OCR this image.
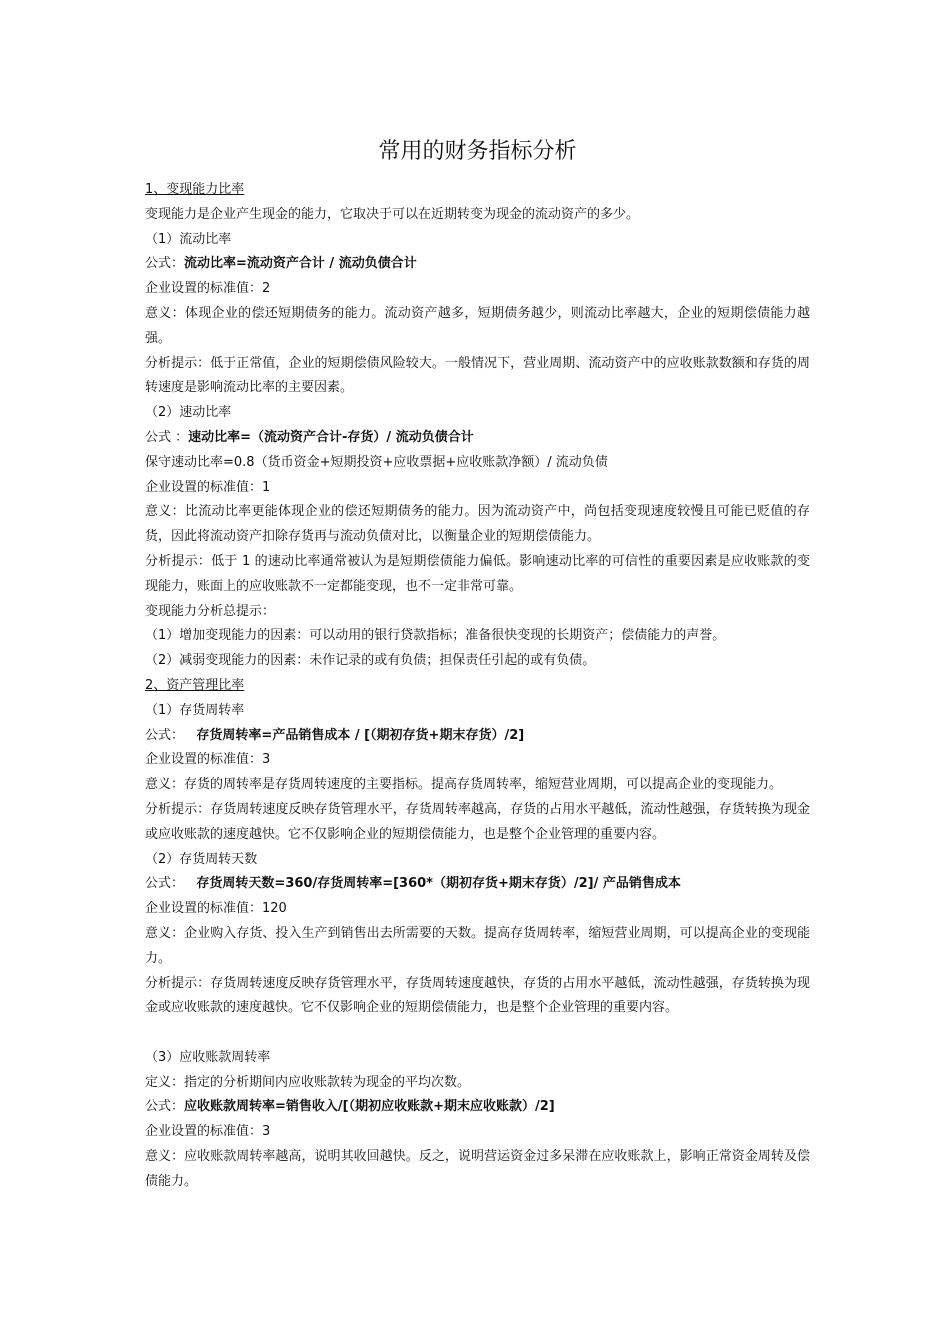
常用的财务指标分析

1、变现能力比率

变现能力是企业产生现金的能力，它取决于可以在近期转变为现金的流动资产的多少。

（1）流动比率

公式：流动比率=流动资产合计 / 流动负债合计

企业设置的标准值：2

意义：体现企业的偿还短期债务的能力。流动资产越多，短期债务越少，则流动比率越大，企业的短期偿债能力越强。

分析提示：低于正常值，企业的短期偿债风险较大。一般情况下，营业周期、流动资产中的应收账款数额和存货的周转速度是影响流动比率的主要因素。

（2）速动比率

公式 ：速动比率=（流动资产合计-存货）/ 流动负债合计

保守速动比率=0.8（货币资金+短期投资+应收票据+应收账款净额）/ 流动负债

企业设置的标准值：1

意义：比流动比率更能体现企业的偿还短期债务的能力。因为流动资产中，尚包括变现速度较慢且可能已贬值的存货，因此将流动资产扣除存货再与流动负债对比，以衡量企业的短期偿债能力。

分析提示：低于 1 的速动比率通常被认为是短期偿债能力偏低。影响速动比率的可信性的重要因素是应收账款的变现能力，账面上的应收账款不一定都能变现，也不一定非常可靠。

变现能力分析总提示：

（1）增加变现能力的因素：可以动用的银行贷款指标；准备很快变现的长期资产；偿债能力的声誉。

（2）减弱变现能力的因素：未作记录的或有负债；担保责任引起的或有负债。

2、资产管理比率

（1）存货周转率

公式： 存货周转率=产品销售成本 / [（期初存货+期末存货）/2]

企业设置的标准值：3

意义：存货的周转率是存货周转速度的主要指标。提高存货周转率，缩短营业周期，可以提高企业的变现能力。

分析提示：存货周转速度反映存货管理水平，存货周转率越高，存货的占用水平越低，流动性越强，存货转换为现金或应收账款的速度越快。它不仅影响企业的短期偿债能力，也是整个企业管理的重要内容。

（2）存货周转天数

公式： 存货周转天数=360/存货周转率=[360*（期初存货+期末存货）/2]/ 产品销售成本

企业设置的标准值：120

意义：企业购入存货、投入生产到销售出去所需要的天数。提高存货周转率，缩短营业周期，可以提高企业的变现能力。

分析提示：存货周转速度反映存货管理水平，存货周转速度越快，存货的占用水平越低，流动性越强，存货转换为现金或应收账款的速度越快。它不仅影响企业的短期偿债能力，也是整个企业管理的重要内容。

（3）应收账款周转率

定义：指定的分析期间内应收账款转为现金的平均次数。

公式：应收账款周转率=销售收入/[（期初应收账款+期末应收账款）/2]

企业设置的标准值：3

意义：应收账款周转率越高，说明其收回越快。反之，说明营运资金过多呆滞在应收账款上，影响正常资金周转及偿债能力。
